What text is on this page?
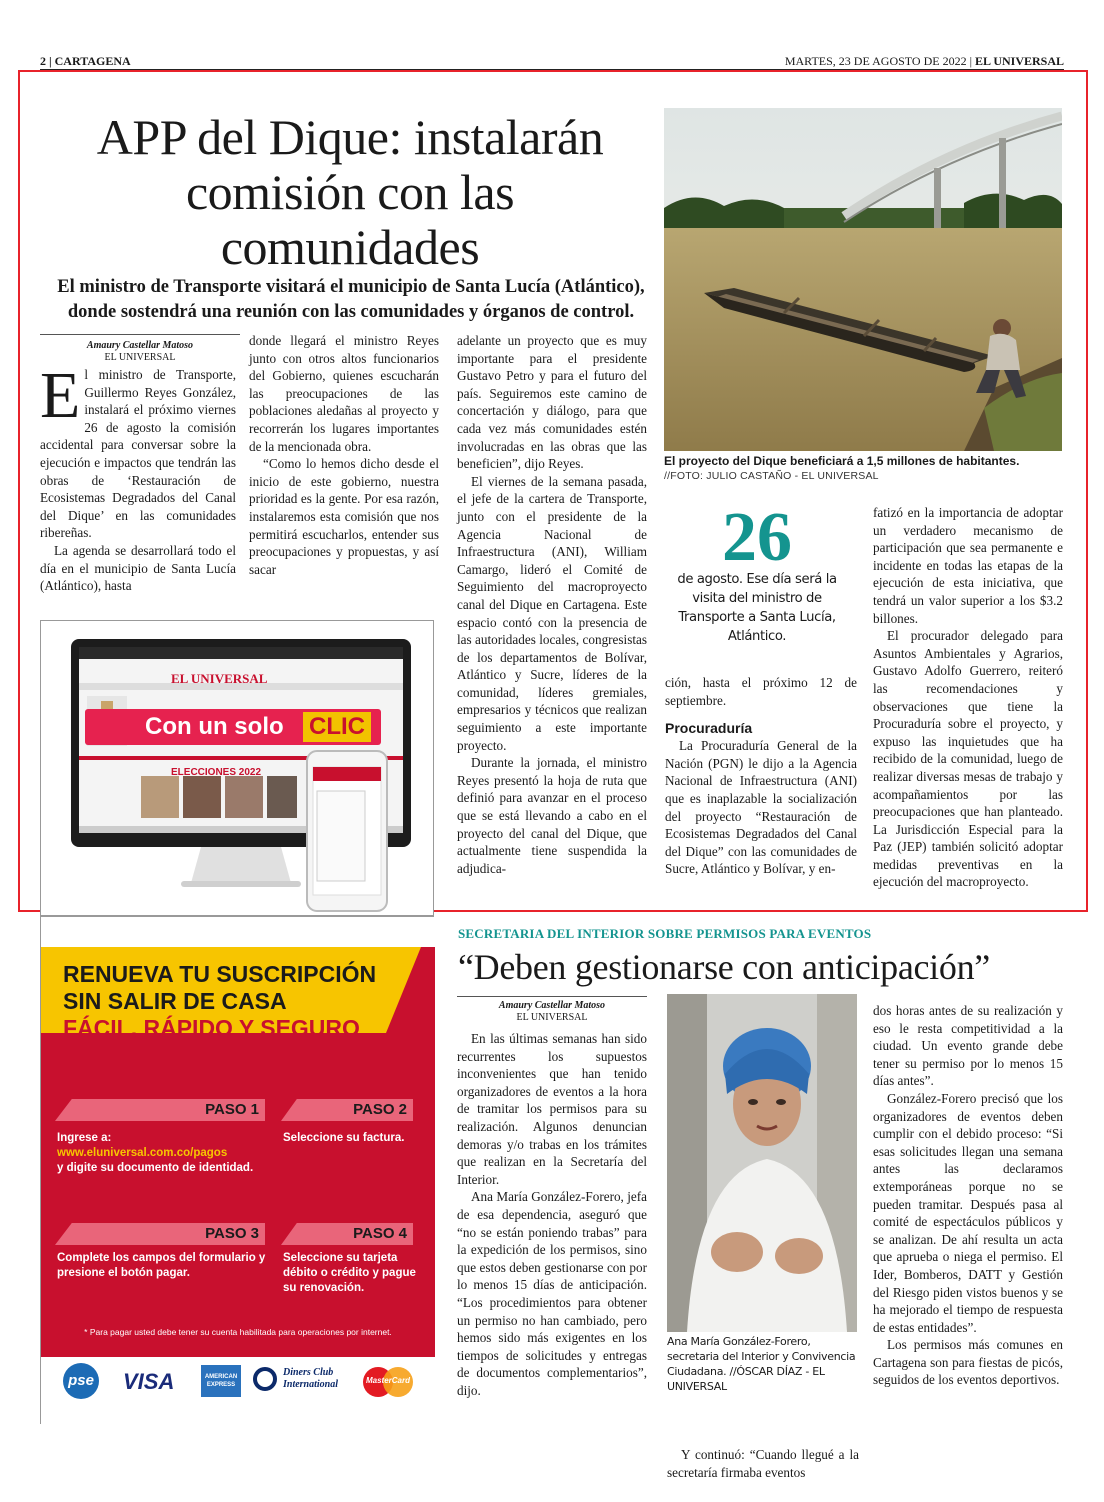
2 | CARTAGENA	MARTES, 23 DE AGOSTO DE 2022 | EL UNIVERSAL
APP del Dique: instalarán comisión con las comunidades
El ministro de Transporte visitará el municipio de Santa Lucía (Atlántico), donde sostendrá una reunión con las comunidades y órganos de control.
Amaury Castellar Matoso
EL UNIVERSAL

El ministro de Transporte, Guillermo Reyes González, instalará el próximo viernes 26 de agosto la comisión accidental para conversar sobre la ejecución e impactos que tendrán las obras de ‘Restauración de Ecosistemas Degradados del Canal del Dique’ en las comunidades ribereñas.

La agenda se desarrollará todo el día en el municipio de Santa Lucía (Atlántico), hasta

donde llegará el ministro Reyes junto con otros altos funcionarios del Gobierno, quienes escucharán las preocupaciones de las poblaciones aledañas al proyecto y recorrerán los lugares importantes de la mencionada obra.

“Como lo hemos dicho desde el inicio de este gobierno, nuestra prioridad es la gente. Por esa razón, instalaremos esta comisión que nos permitirá escucharlos, entender sus preocupaciones y propuestas, y así sacar

adelante un proyecto que es muy importante para el presidente Gustavo Petro y para el futuro del país. Seguiremos este camino de concertación y diálogo, para que cada vez más comunidades estén involucradas en las obras que las beneficien”, dijo Reyes.

El viernes de la semana pasada, el jefe de la cartera de Transporte, junto con el presidente de la Agencia Nacional de Infraestructura (ANI), William Camargo, lideró el Comité de Seguimiento del macroproyecto canal del Dique en Cartagena. Este espacio contó con la presencia de las autoridades locales, congresistas de los departamentos de Bolívar, Atlántico y Sucre, líderes de la comunidad, líderes gremiales, empresarios y técnicos que realizan seguimiento a este importante proyecto.

Durante la jornada, el ministro Reyes presentó la hoja de ruta que definió para avanzar en el proceso que se está llevando a cabo en el proyecto del canal del Dique, que actualmente tiene suspendida la adjudica-

El proyecto del Dique beneficiará a 1,5 millones de habitantes.
//FOTO: JULIO CASTAÑO - EL UNIVERSAL
26
de agosto. Ese día será la visita del ministro de Transporte a Santa Lucía, Atlántico.

ción, hasta el próximo 12 de septiembre.

Procuraduría

La Procuraduría General de la Nación (PGN) le dijo a la Agencia Nacional de Infraestructura (ANI) que es inaplazable la socialización del proyecto “Restauración de Ecosistemas Degradados del Canal del Dique” con las comunidades de Sucre, Atlántico y Bolívar, y en-

fatizó en la importancia de adoptar un verdadero mecanismo de participación que sea permanente e incidente en todas las etapas de la ejecución de esta iniciativa, que tendrá un valor superior a los $3.2 billones.

El procurador delegado para Asuntos Ambientales y Agrarios, Gustavo Adolfo Guerrero, reiteró las recomendaciones y observaciones que tiene la Procuraduría sobre el proyecto, y expuso las inquietudes que ha recibido de la comunidad, luego de realizar diversas mesas de trabajo y acompañamientos por las preocupaciones que han planteado. La Jurisdicción Especial para la Paz (JEP) también solicitó adoptar medidas preventivas en la ejecución del macroproyecto.

EL UNIVERSAL
Con un solo CLIC
ELECCIONES 2022
RENUEVA TU SUSCRIPCIÓN
SIN SALIR DE CASA
FÁCIL, RÁPIDO Y SEGURO
PASO 1
Ingrese a:
www.eluniversal.com.co/pagos
y digite su documento de identidad.
PASO 2
Seleccione su factura.
PASO 3
Complete los campos del formulario y presione el botón pagar.
PASO 4
Seleccione su tarjeta débito o crédito y pague su renovación.
* Para pagar usted debe tener su cuenta habilitada para operaciones por internet.
pse VISA	AMERICAN EXPRESS
Diners Club International	MasterCard
SECRETARIA DEL INTERIOR SOBRE PERMISOS PARA EVENTOS
“Deben gestionarse con anticipación”
Amaury Castellar Matoso
EL UNIVERSAL

En las últimas semanas han sido recurrentes los supuestos inconvenientes que han tenido organizadores de eventos a la hora de tramitar los permisos para su realización. Algunos denuncian demoras y/o trabas en los trámites que realizan en la Secretaría del Interior.

Ana María González-Forero, jefa de esa dependencia, aseguró que “no se están poniendo trabas” para la expedición de los permisos, sino que estos deben gestionarse con por lo menos 15 días de anticipación. “Los procedimientos para obtener un permiso no han cambiado, pero hemos sido más exigentes en los tiempos de solicitudes y entregas de documentos complementarios”, dijo.

Ana María González-Forero, secretaria del Interior y Convivencia Ciudadana. //ÓSCAR DÍAZ - EL UNIVERSAL

Y continuó: “Cuando llegué a la secretaría firmaba eventos

dos horas antes de su realización y eso le resta competitividad a la ciudad. Un evento grande debe tener su permiso por lo menos 15 días antes”.

González-Forero precisó que los organizadores de eventos deben cumplir con el debido proceso: “Si esas solicitudes llegan una semana antes las declaramos extemporáneas porque no se pueden tramitar. Después pasa al comité de espectáculos públicos y se analizan. De ahí resulta un acta que aprueba o niega el permiso. El Ider, Bomberos, DATT y Gestión del Riesgo piden vistos buenos y se ha mejorado el tiempo de respuesta de estas entidades”.

Los permisos más comunes en Cartagena son para fiestas de picós, seguidos de los eventos deportivos.
